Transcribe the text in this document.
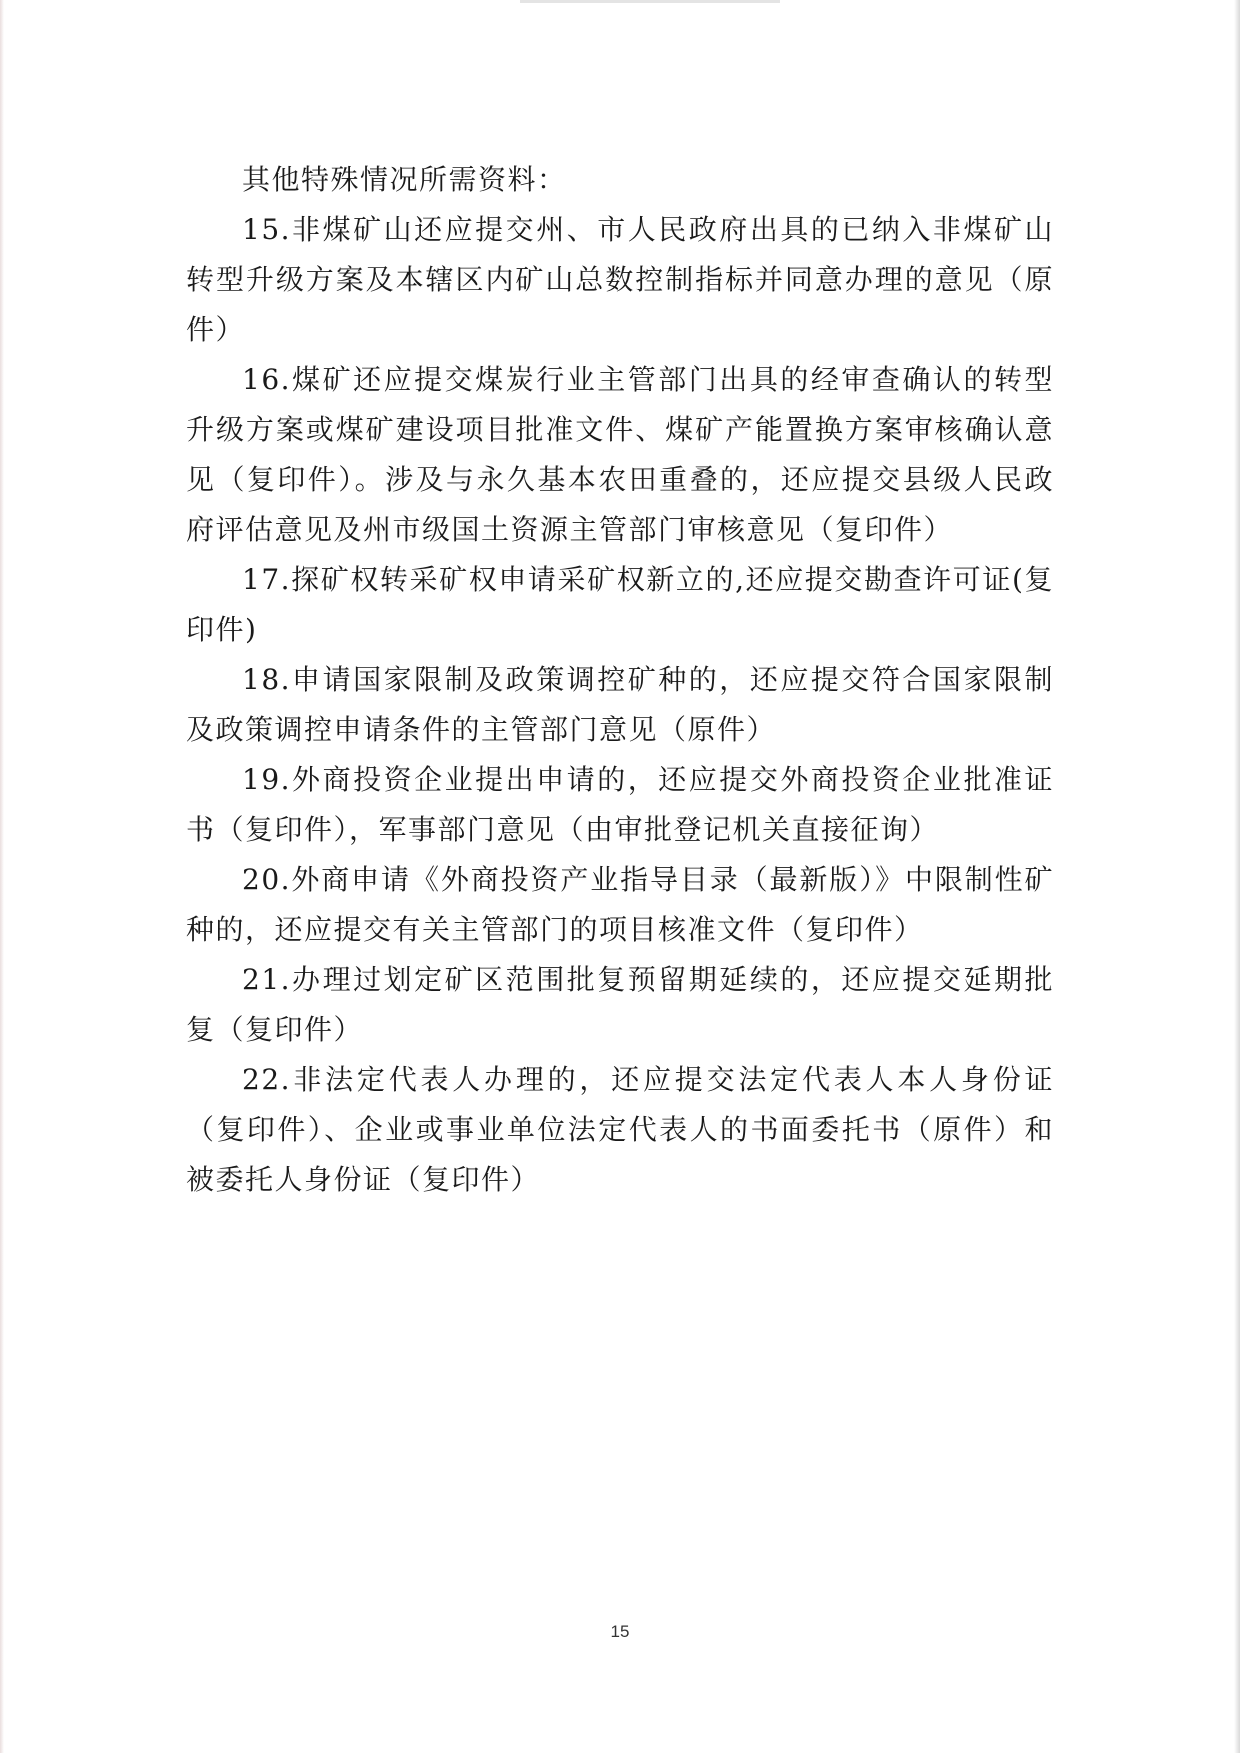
其他特殊情况所需资料：

15.非煤矿山还应提交州、市人民政府出具的已纳入非煤矿山转型升级方案及本辖区内矿山总数控制指标并同意办理的意见（原件）

16.煤矿还应提交煤炭行业主管部门出具的经审查确认的转型升级方案或煤矿建设项目批准文件、煤矿产能置换方案审核确认意见（复印件）。涉及与永久基本农田重叠的，还应提交县级人民政府评估意见及州市级国土资源主管部门审核意见（复印件）

17.探矿权转采矿权申请采矿权新立的,还应提交勘查许可证(复印件)

18.申请国家限制及政策调控矿种的，还应提交符合国家限制及政策调控申请条件的主管部门意见（原件）

19.外商投资企业提出申请的，还应提交外商投资企业批准证书（复印件），军事部门意见（由审批登记机关直接征询）

20.外商申请《外商投资产业指导目录（最新版）》中限制性矿种的，还应提交有关主管部门的项目核准文件（复印件）

21.办理过划定矿区范围批复预留期延续的，还应提交延期批复（复印件）

22.非法定代表人办理的，还应提交法定代表人本人身份证（复印件）、企业或事业单位法定代表人的书面委托书（原件）和被委托人身份证（复印件）

15
